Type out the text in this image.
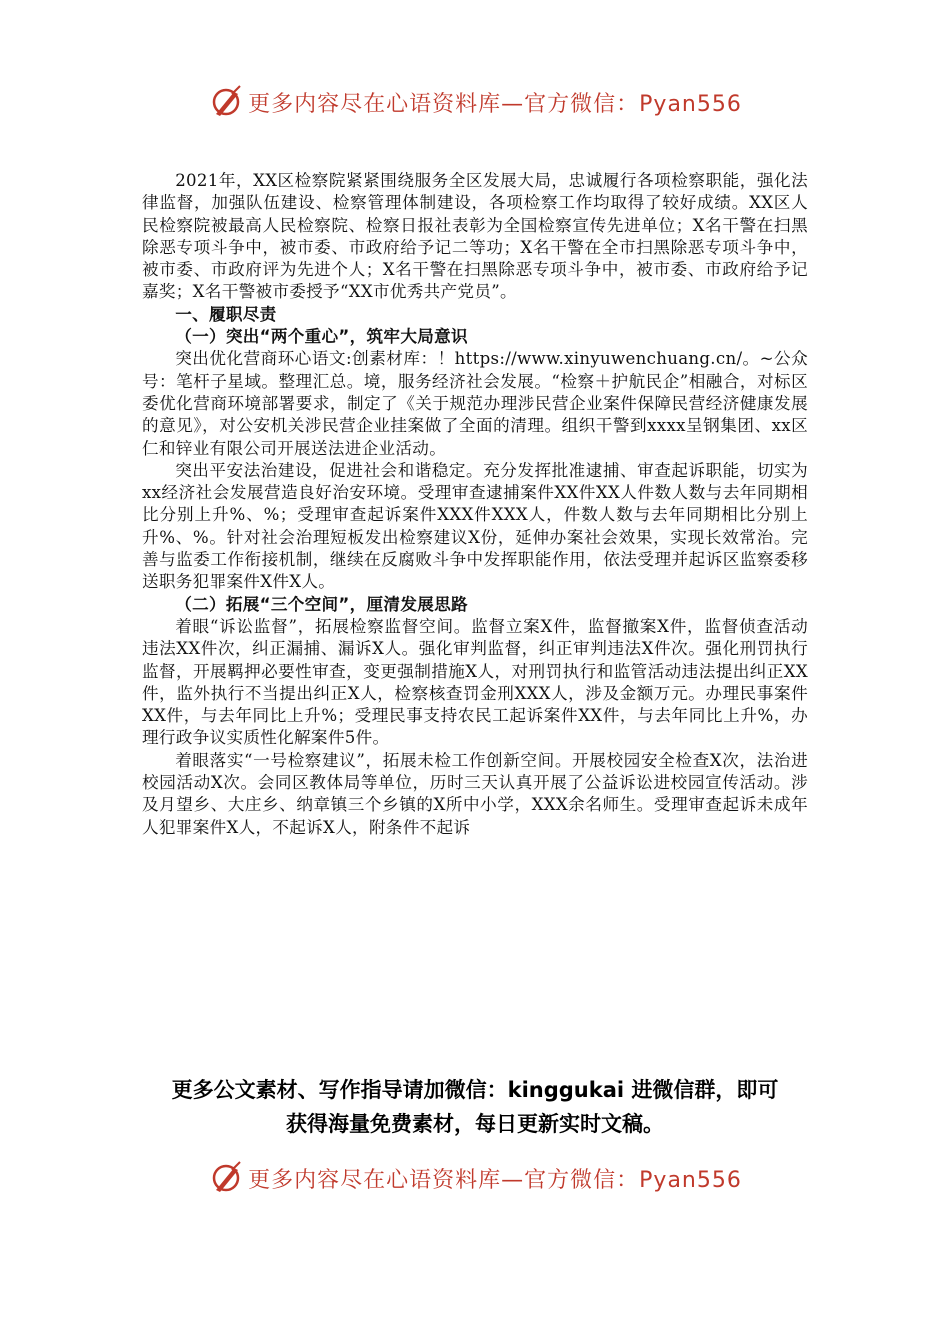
更多内容尽在心语资料库—官方微信：Pyan556

2021年，XX区检察院紧紧围绕服务全区发展大局，忠诚履行各项检察职能，强化法律监督，加强队伍建设、检察管理体制建设，各项检察工作均取得了较好成绩。XX区人民检察院被最高人民检察院、检察日报社表彰为全国检察宣传先进单位；X名干警在扫黑除恶专项斗争中，被市委、市政府给予记二等功；X名干警在全市扫黑除恶专项斗争中，被市委、市政府评为先进个人；X名干警在扫黑除恶专项斗争中，被市委、市政府给予记嘉奖；X名干警被市委授予“XX市优秀共产党员”。

一、履职尽责
（一）突出“两个重心”，筑牢大局意识

突出优化营商环心语文:创素材库：！https://www.xinyuwenchuang.cn/。~公众号：笔杆子星域。整理汇总。境，服务经济社会发展。“检察＋护航民企”相融合，对标区委优化营商环境部署要求，制定了《关于规范办理涉民营企业案件保障民营经济健康发展的意见》，对公安机关涉民营企业挂案做了全面的清理。组织干警到xxxx呈钢集团、xx区仁和锌业有限公司开展送法进企业活动。

突出平安法治建设，促进社会和谐稳定。充分发挥批准逮捕、审查起诉职能，切实为xx经济社会发展营造良好治安环境。受理审查逮捕案件XX件XX人件数人数与去年同期相比分别上升%、%；受理审查起诉案件XXX件XXX人，件数人数与去年同期相比分别上升%、%。针对社会治理短板发出检察建议X份，延伸办案社会效果，实现长效常治。完善与监委工作衔接机制，继续在反腐败斗争中发挥职能作用，依法受理并起诉区监察委移送职务犯罪案件X件X人。

（二）拓展“三个空间”，厘清发展思路

着眼“诉讼监督”，拓展检察监督空间。监督立案X件，监督撤案X件，监督侦查活动违法XX件次，纠正漏捕、漏诉X人。强化审判监督，纠正审判违法X件次。强化刑罚执行监督，开展羁押必要性审查，变更强制措施X人，对刑罚执行和监管活动违法提出纠正XX件，监外执行不当提出纠正X人，检察核查罚金刑XXX人，涉及金额万元。办理民事案件XX件，与去年同比上升%；受理民事支持农民工起诉案件XX件，与去年同比上升%，办理行政争议实质性化解案件5件。

着眼落实“一号检察建议”，拓展未检工作创新空间。开展校园安全检查X次，法治进校园活动X次。会同区教体局等单位，历时三天认真开展了公益诉讼进校园宣传活动。涉及月望乡、大庄乡、纳章镇三个乡镇的X所中小学，XXX余名师生。受理审查起诉未成年人犯罪案件X人，不起诉X人，附条件不起诉

更多公文素材、写作指导请加微信：kinggukai 进微信群，即可
获得海量免费素材，每日更新实时文稿。
更多内容尽在心语资料库—官方微信：Pyan556
